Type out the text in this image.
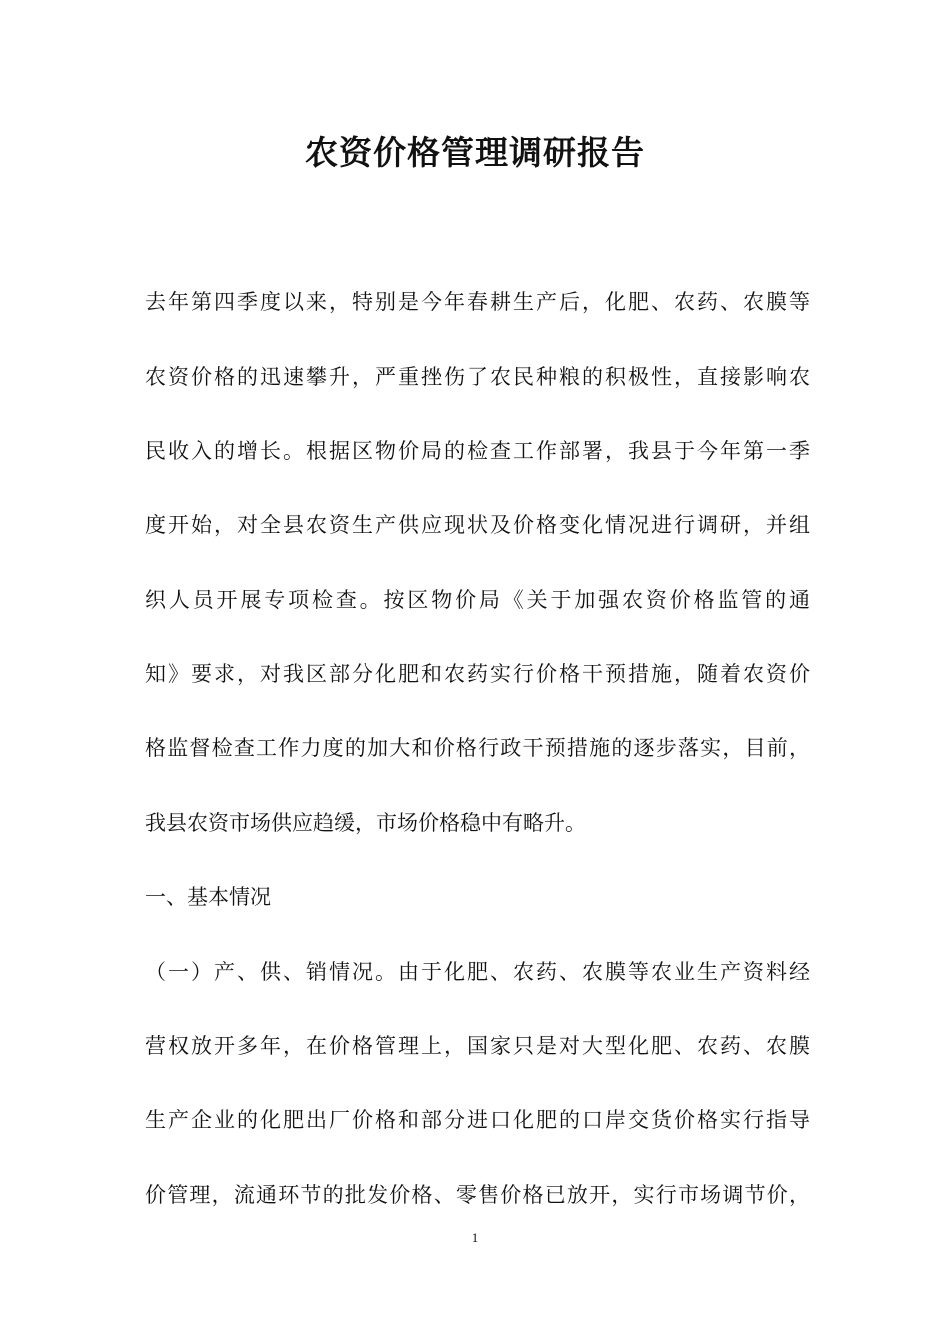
农资价格管理调研报告
去年第四季度以来，特别是今年春耕生产后，化肥、农药、农膜等
农资价格的迅速攀升，严重挫伤了农民种粮的积极性，直接影响农
民收入的增长。根据区物价局的检查工作部署，我县于今年第一季
度开始，对全县农资生产供应现状及价格变化情况进行调研，并组
织人员开展专项检查。按区物价局《关于加强农资价格监管的通
知》要求，对我区部分化肥和农药实行价格干预措施，随着农资价
格监督检查工作力度的加大和价格行政干预措施的逐步落实，目前，
我县农资市场供应趋缓，市场价格稳中有略升。
一、基本情况
（一）产、供、销情况。由于化肥、农药、农膜等农业生产资料经
营权放开多年，在价格管理上，国家只是对大型化肥、农药、农膜
生产企业的化肥出厂价格和部分进口化肥的口岸交货价格实行指导
价管理，流通环节的批发价格、零售价格已放开，实行市场调节价，
1
